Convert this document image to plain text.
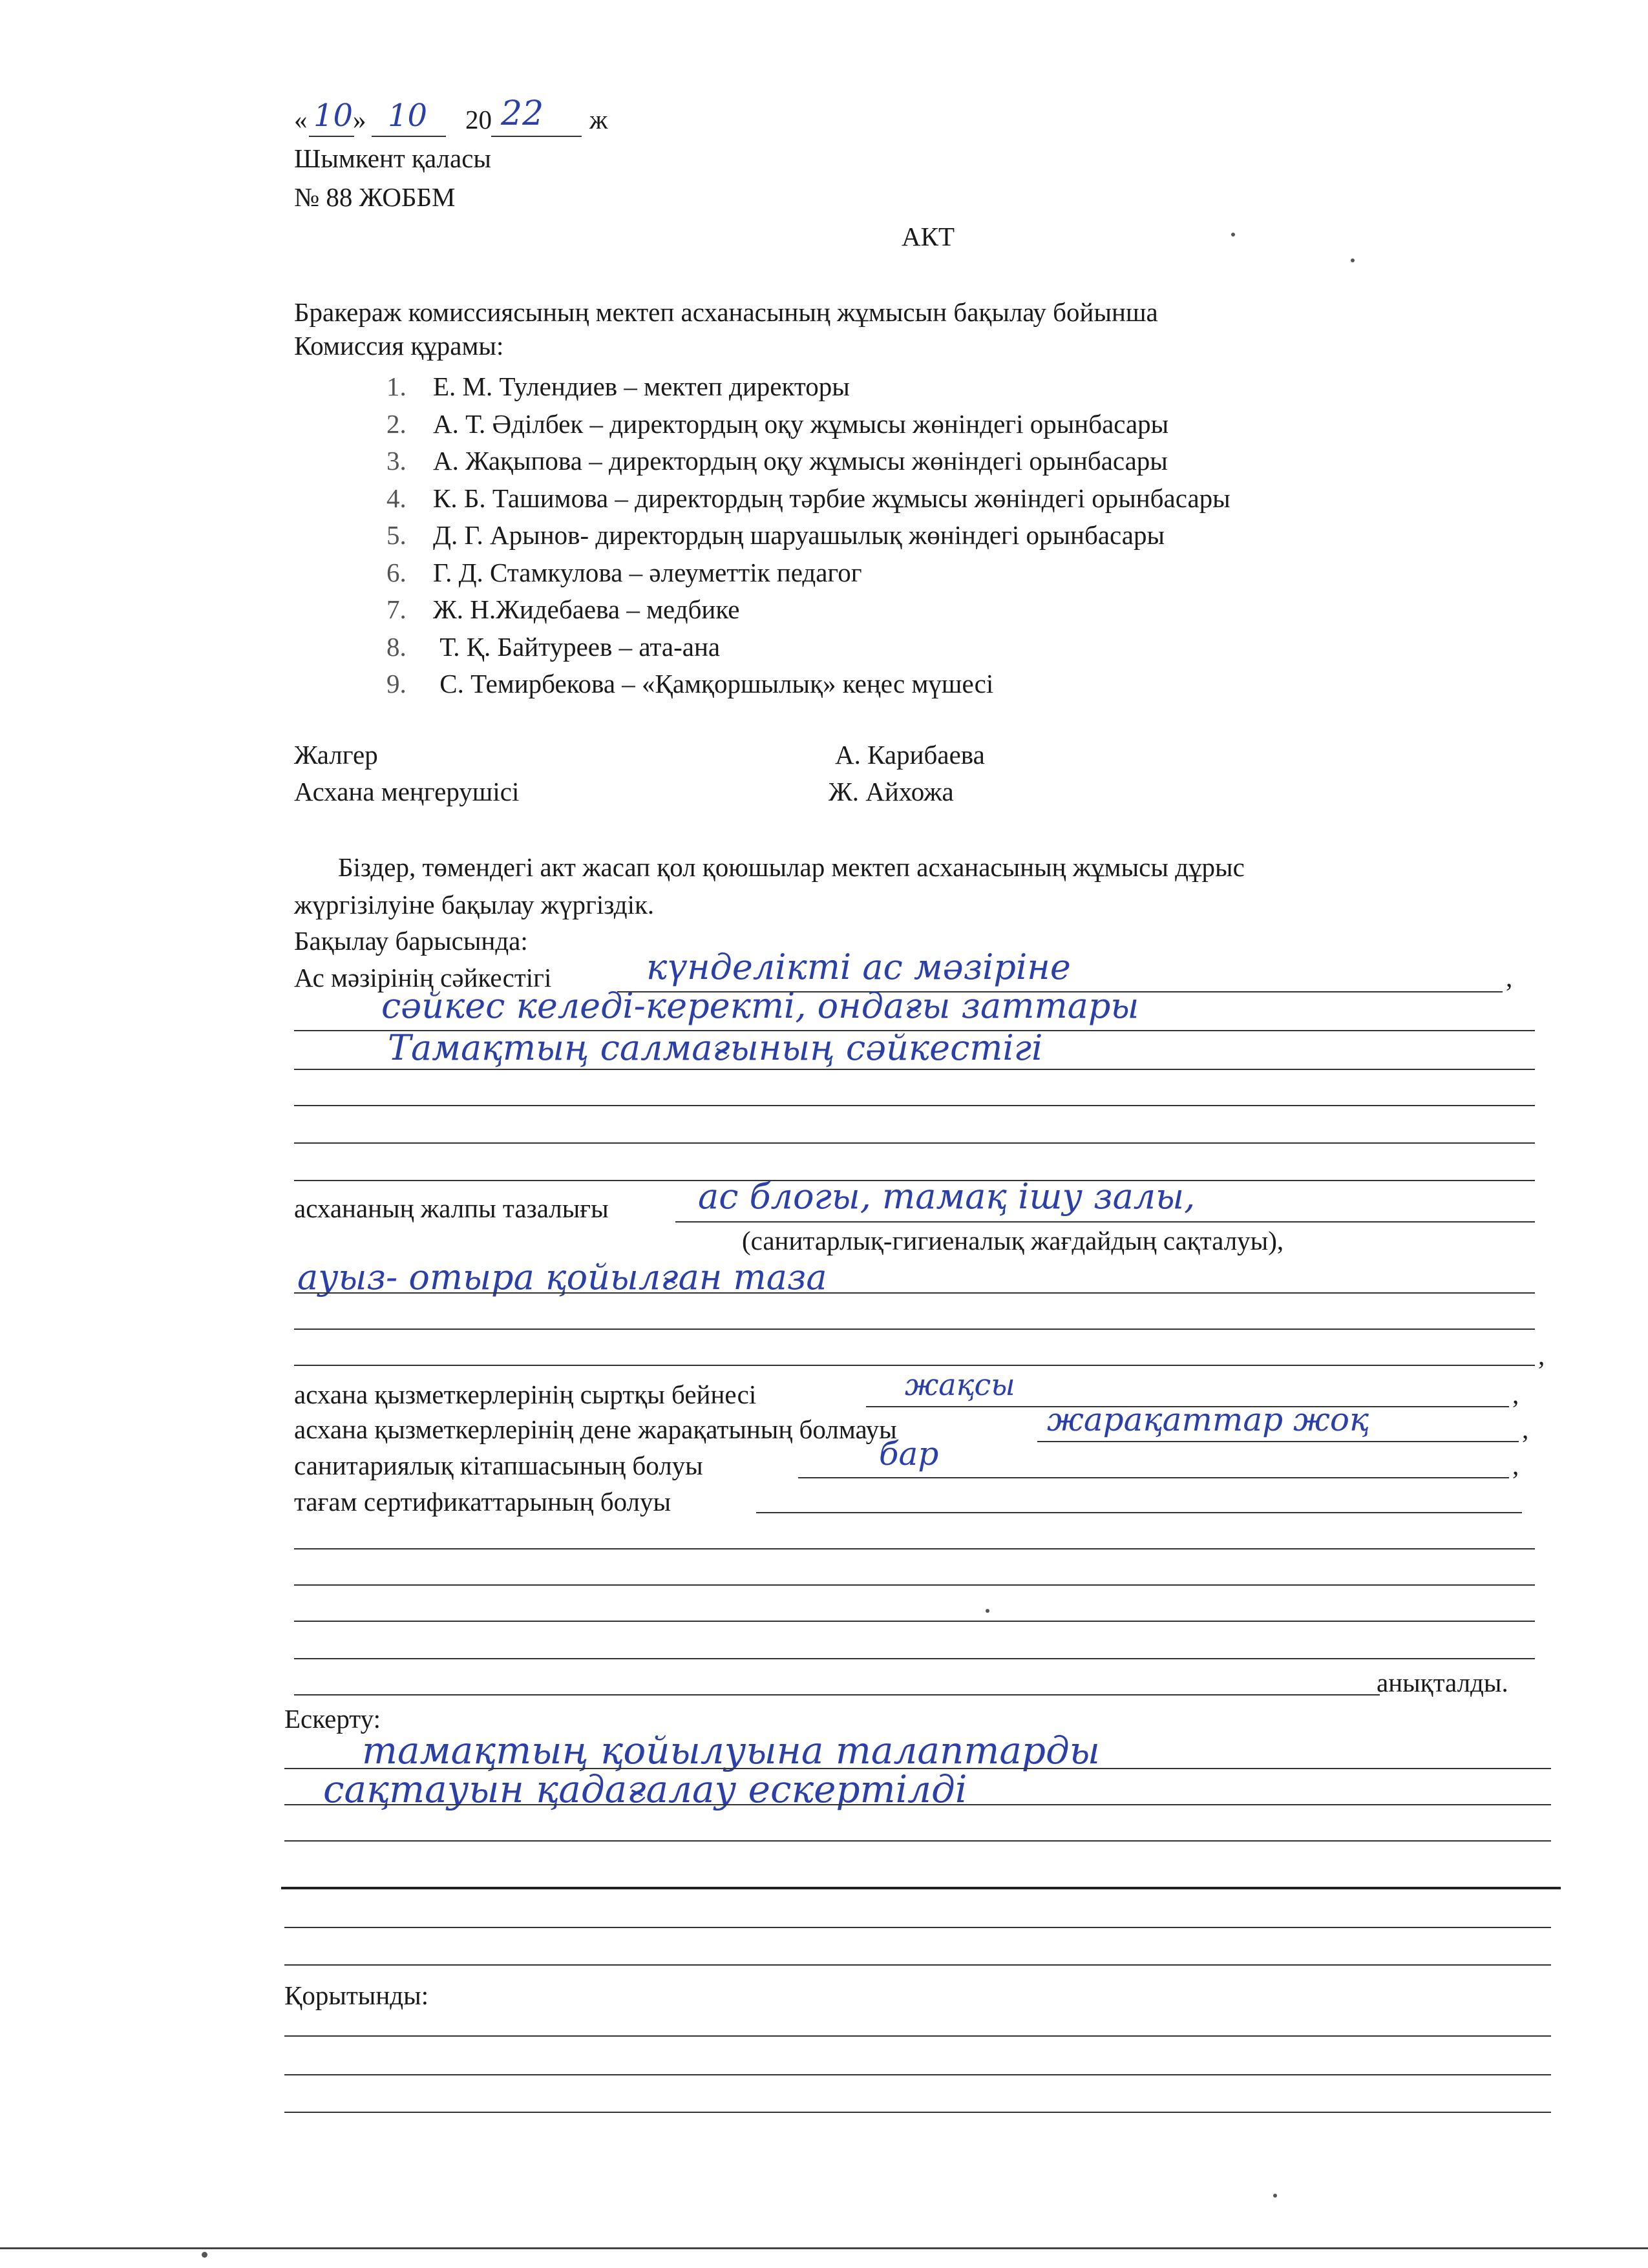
« 10 » 10 20 22 ж
Шымкент қаласы
№ 88 ЖОББМ
АКТ
Бракераж комиссиясының мектеп асханасының жұмысын бақылау бойынша
Комиссия құрамы:
1. Е. М. Тулендиев – мектеп директоры
2. А. Т. Әділбек – директордың оқу жұмысы жөніндегі орынбасары
3. А. Жақыпова – директордың оқу жұмысы жөніндегі орынбасары
4. К. Б. Ташимова – директордың тәрбие жұмысы жөніндегі орынбасары
5. Д. Г. Арынов- директордың шаруашылық жөніндегі орынбасары
6. Г. Д. Стамкулова – әлеуметтік педагог
7. Ж. Н.Жидебаева – медбике
8. Т. Қ. Байтуреев – ата-ана
9. С. Темирбекова – «Қамқоршылық» кеңес мүшесі
Жалгер	А. Карибаева
Асхана меңгерушісі	Ж. Айхожа
Біздер, төмендегі акт жасап қол қоюшылар мектеп асханасының жұмысы дұрыс
жүргізілуіне бақылау жүргіздік.
Бақылау барысында:
Ас мәзірінің сәйкестігі	күнделікті ас мәзіріне	,
сәйкес келеді-керекті, ондағы заттары
Тамақтың салмағының сәйкестігі
асхананың жалпы тазалығы	ас блогы, тамақ ішу залы,
(санитарлық-гигиеналық жағдайдың сақталуы),
ауыз- отыра қойылған таза
,
асхана қызметкерлерінің сыртқы бейнесі	жақсы	,
асхана қызметкерлерінің дене жарақатының болмауы	жарақаттар жоқ	,
санитариялық кітапшасының болуы	бар	,
тағам сертификаттарының болуы
анықталды.
Ескерту:
тамақтың қойылуына талаптарды
сақтауын қадағалау ескертілді
Қорытынды:
